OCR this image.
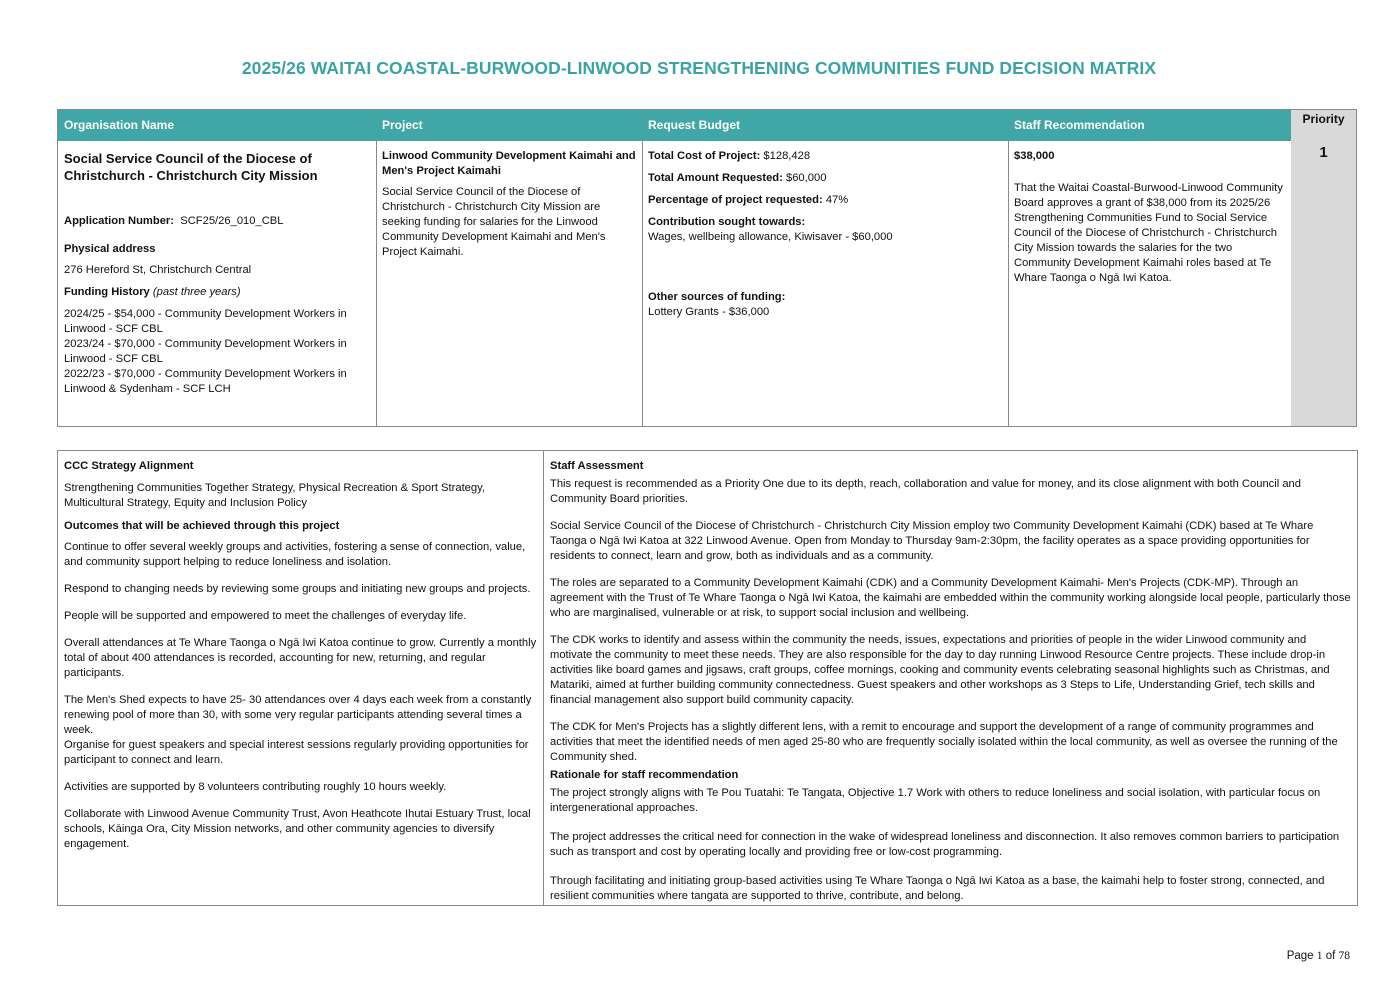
2025/26 WAITAI COASTAL-BURWOOD-LINWOOD STRENGTHENING COMMUNITIES FUND DECISION MATRIX
Organisation Name

Social Service Council of the Diocese of Christchurch - Christchurch City Mission

Application Number: SCF25/26_010_CBL

Physical address

276 Hereford St, Christchurch Central

Funding History (past three years)

2024/25 - $54,000 - Community Development Workers in Linwood - SCF CBL

2023/24 - $70,000 - Community Development Workers in Linwood - SCF CBL

2022/23 - $70,000 - Community Development Workers in Linwood & Sydenham - SCF LCH

Project

Linwood Community Development Kaimahi and Men's Project Kaimahi

Social Service Council of the Diocese of Christchurch - Christchurch City Mission are seeking funding for salaries for the Linwood Community Development Kaimahi and Men's Project Kaimahi.

Request Budget

Total Cost of Project: $128,428

Total Amount Requested: $60,000

Percentage of project requested: 47%

Contribution sought towards:

Wages, wellbeing allowance, Kiwisaver - $60,000

Other sources of funding:

Lottery Grants - $36,000

Staff Recommendation

$38,000

That the Waitai Coastal-Burwood-Linwood Community Board approves a grant of $38,000 from its 2025/26 Strengthening Communities Fund to Social Service Council of the Diocese of Christchurch - Christchurch City Mission towards the salaries for the two Community Development Kaimahi roles based at Te Whare Taonga o Ngā Iwi Katoa.

Priority
1

CCC Strategy Alignment

Strengthening Communities Together Strategy, Physical Recreation & Sport Strategy, Multicultural Strategy, Equity and Inclusion Policy

Outcomes that will be achieved through this project

Continue to offer several weekly groups and activities, fostering a sense of connection, value, and community support helping to reduce loneliness and isolation.

Respond to changing needs by reviewing some groups and initiating new groups and projects.

People will be supported and empowered to meet the challenges of everyday life.

Overall attendances at Te Whare Taonga o Ngā Iwi Katoa continue to grow. Currently a monthly total of about 400 attendances is recorded, accounting for new, returning, and regular participants.

The Men's Shed expects to have 25- 30 attendances over 4 days each week from a constantly renewing pool of more than 30, with some very regular participants attending several times a week.

Organise for guest speakers and special interest sessions regularly providing opportunities for participant to connect and learn.

Activities are supported by 8 volunteers contributing roughly 10 hours weekly.

Collaborate with Linwood Avenue Community Trust, Avon Heathcote Ihutai Estuary Trust, local schools, Kāinga Ora, City Mission networks, and other community agencies to diversify engagement.

Staff Assessment

This request is recommended as a Priority One due to its depth, reach, collaboration and value for money, and its close alignment with both Council and Community Board priorities.

Social Service Council of the Diocese of Christchurch - Christchurch City Mission employ two Community Development Kaimahi (CDK) based at Te Whare Taonga o Ngā Iwi Katoa at 322 Linwood Avenue. Open from Monday to Thursday 9am-2:30pm, the facility operates as a space providing opportunities for residents to connect, learn and grow, both as individuals and as a community.

The roles are separated to a Community Development Kaimahi (CDK) and a Community Development Kaimahi- Men's Projects (CDK-MP). Through an agreement with the Trust of Te Whare Taonga o Ngā Iwi Katoa, the kaimahi are embedded within the community working alongside local people, particularly those who are marginalised, vulnerable or at risk, to support social inclusion and wellbeing.

The CDK works to identify and assess within the community the needs, issues, expectations and priorities of people in the wider Linwood community and motivate the community to meet these needs. They are also responsible for the day to day running Linwood Resource Centre projects. These include drop-in activities like board games and jigsaws, craft groups, coffee mornings, cooking and community events celebrating seasonal highlights such as Christmas, and Matariki, aimed at further building community connectedness. Guest speakers and other workshops as 3 Steps to Life, Understanding Grief, tech skills and financial management also support build community capacity.

The CDK for Men's Projects has a slightly different lens, with a remit to encourage and support the development of a range of community programmes and activities that meet the identified needs of men aged 25-80 who are frequently socially isolated within the local community, as well as oversee the running of the Community shed.

Rationale for staff recommendation

The project strongly aligns with Te Pou Tuatahi: Te Tangata, Objective 1.7 Work with others to reduce loneliness and social isolation, with particular focus on intergenerational approaches.

The project addresses the critical need for connection in the wake of widespread loneliness and disconnection. It also removes common barriers to participation such as transport and cost by operating locally and providing free or low-cost programming.

Through facilitating and initiating group-based activities using Te Whare Taonga o Ngā Iwi Katoa as a base, the kaimahi help to foster strong, connected, and resilient communities where tangata are supported to thrive, contribute, and belong.

Page 1 of 78
